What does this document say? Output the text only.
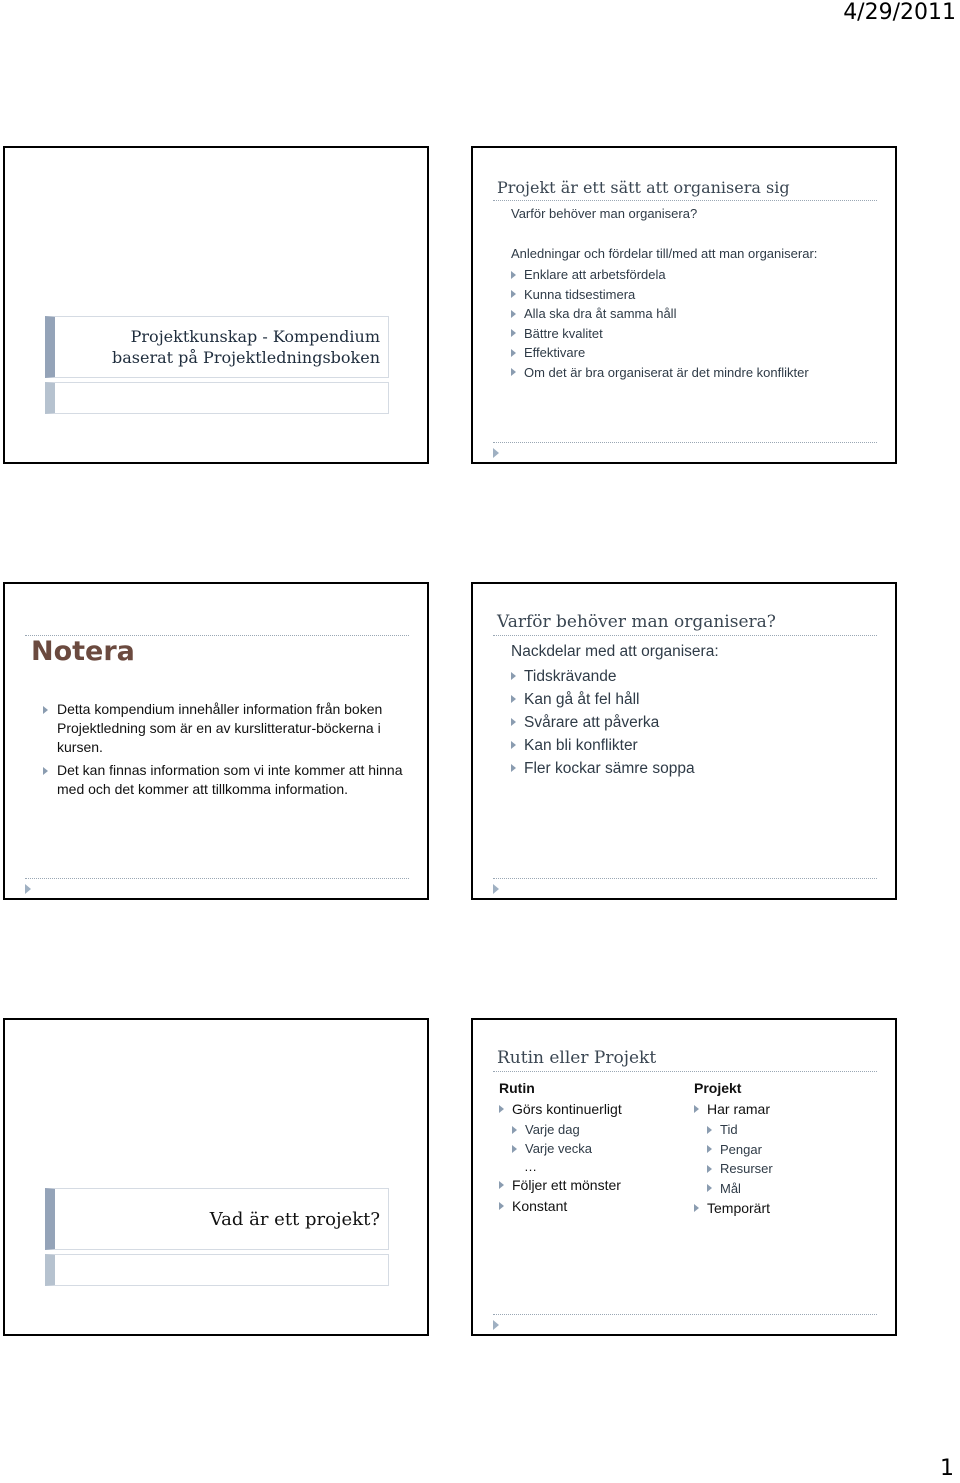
4/29/2011
Projektkunskap - Kompendium
baserat på Projektledningsboken
Projekt är ett sätt att organisera sig
Varför behöver man organisera?
Anledningar och fördelar till/med att man organiserar:
Enklare att arbetsfördela
Kunna tidsestimera
Alla ska dra åt samma håll
Bättre kvalitet
Effektivare
Om det är bra organiserat är det mindre konflikter
Notera
Detta kompendium innehåller information från boken Projektledning som är en av kurslitteratur-böckerna i kursen.
Det kan finnas information som vi inte kommer att hinna med och det kommer att tillkomma information.
Varför behöver man organisera?
Nackdelar med att organisera:
Tidskrävande
Kan gå åt fel håll
Svårare att påverka
Kan bli konflikter
Fler kockar sämre soppa
Vad är ett projekt?
Rutin eller Projekt
Rutin
Görs kontinuerligt
Varje dag
Varje vecka
…
Följer ett mönster
Konstant
Projekt
Har ramar
Tid
Pengar
Resurser
Mål
Temporärt
1
